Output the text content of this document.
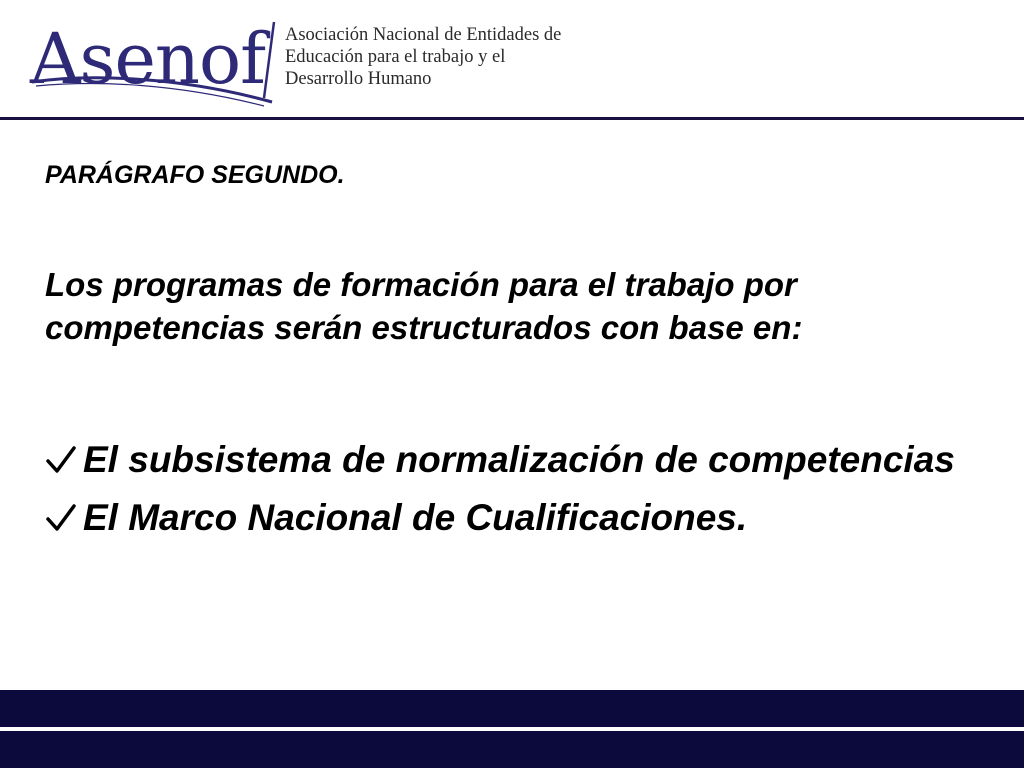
Asenof Asociación Nacional de Entidades de
Educación para el trabajo y el
Desarrollo Humano
PARÁGRAFO SEGUNDO.
Los programas de formación para el trabajo por competencias serán estructurados con base en:
El subsistema de normalización de competencias
El Marco Nacional de Cualificaciones.
